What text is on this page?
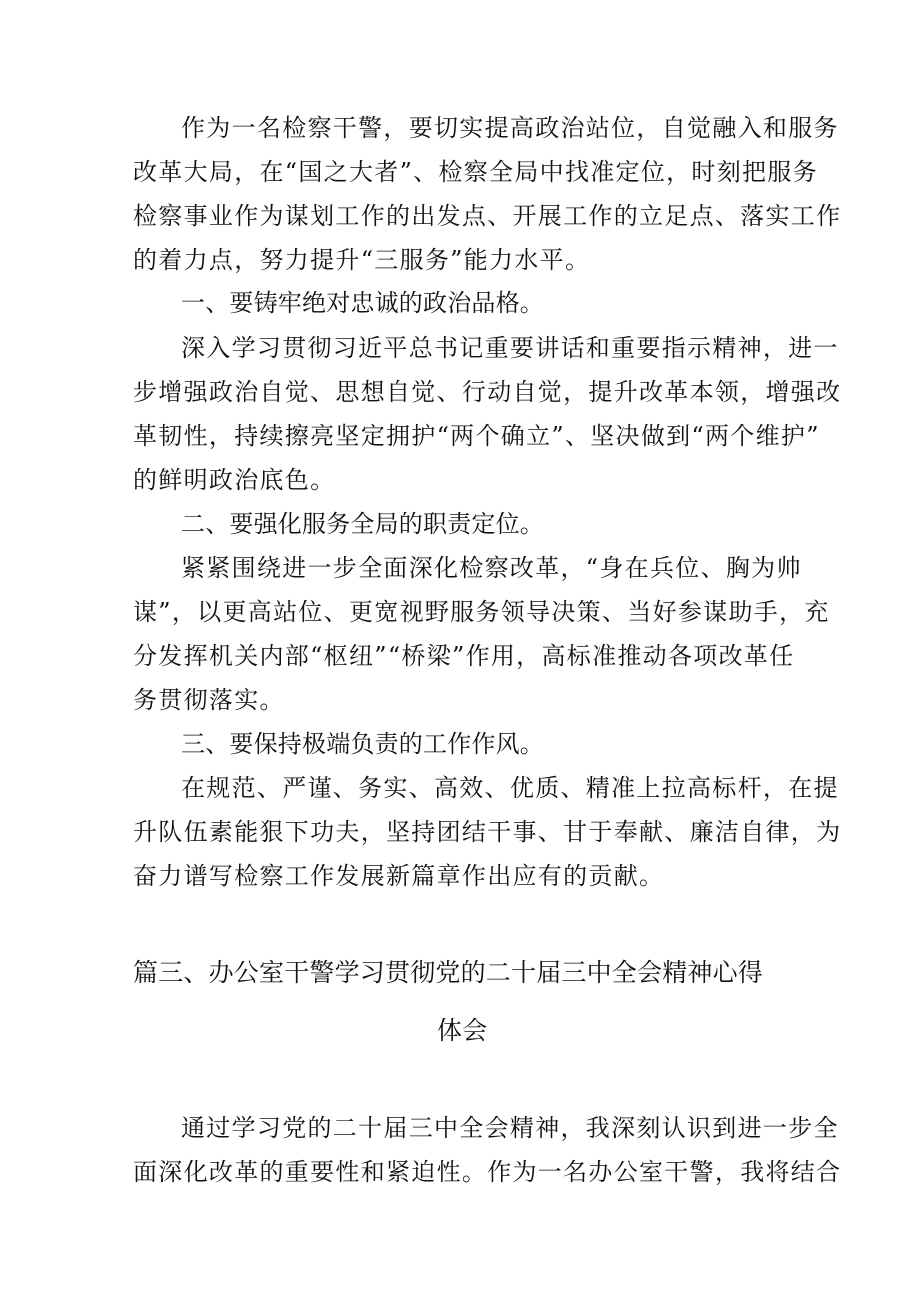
作为一名检察干警，要切实提高政治站位，自觉融入和服务

改革大局，在“国之大者”、检察全局中找准定位，时刻把服务

检察事业作为谋划工作的出发点、开展工作的立足点、落实工作

的着力点，努力提升“三服务”能力水平。

一、要铸牢绝对忠诚的政治品格。

深入学习贯彻习近平总书记重要讲话和重要指示精神，进一

步增强政治自觉、思想自觉、行动自觉，提升改革本领，增强改

革韧性，持续擦亮坚定拥护“两个确立”、坚决做到“两个维护”

的鲜明政治底色。

二、要强化服务全局的职责定位。

紧紧围绕进一步全面深化检察改革，“身在兵位、胸为帅

谋”，以更高站位、更宽视野服务领导决策、当好参谋助手，充

分发挥机关内部“枢纽”“桥梁”作用，高标准推动各项改革任

务贯彻落实。

三、要保持极端负责的工作作风。

在规范、严谨、务实、高效、优质、精准上拉高标杆，在提

升队伍素能狠下功夫，坚持团结干事、甘于奉献、廉洁自律，为

奋力谱写检察工作发展新篇章作出应有的贡献。

篇三、办公室干警学习贯彻党的二十届三中全会精神心得

体会

通过学习党的二十届三中全会精神，我深刻认识到进一步全

面深化改革的重要性和紧迫性。作为一名办公室干警，我将结合
